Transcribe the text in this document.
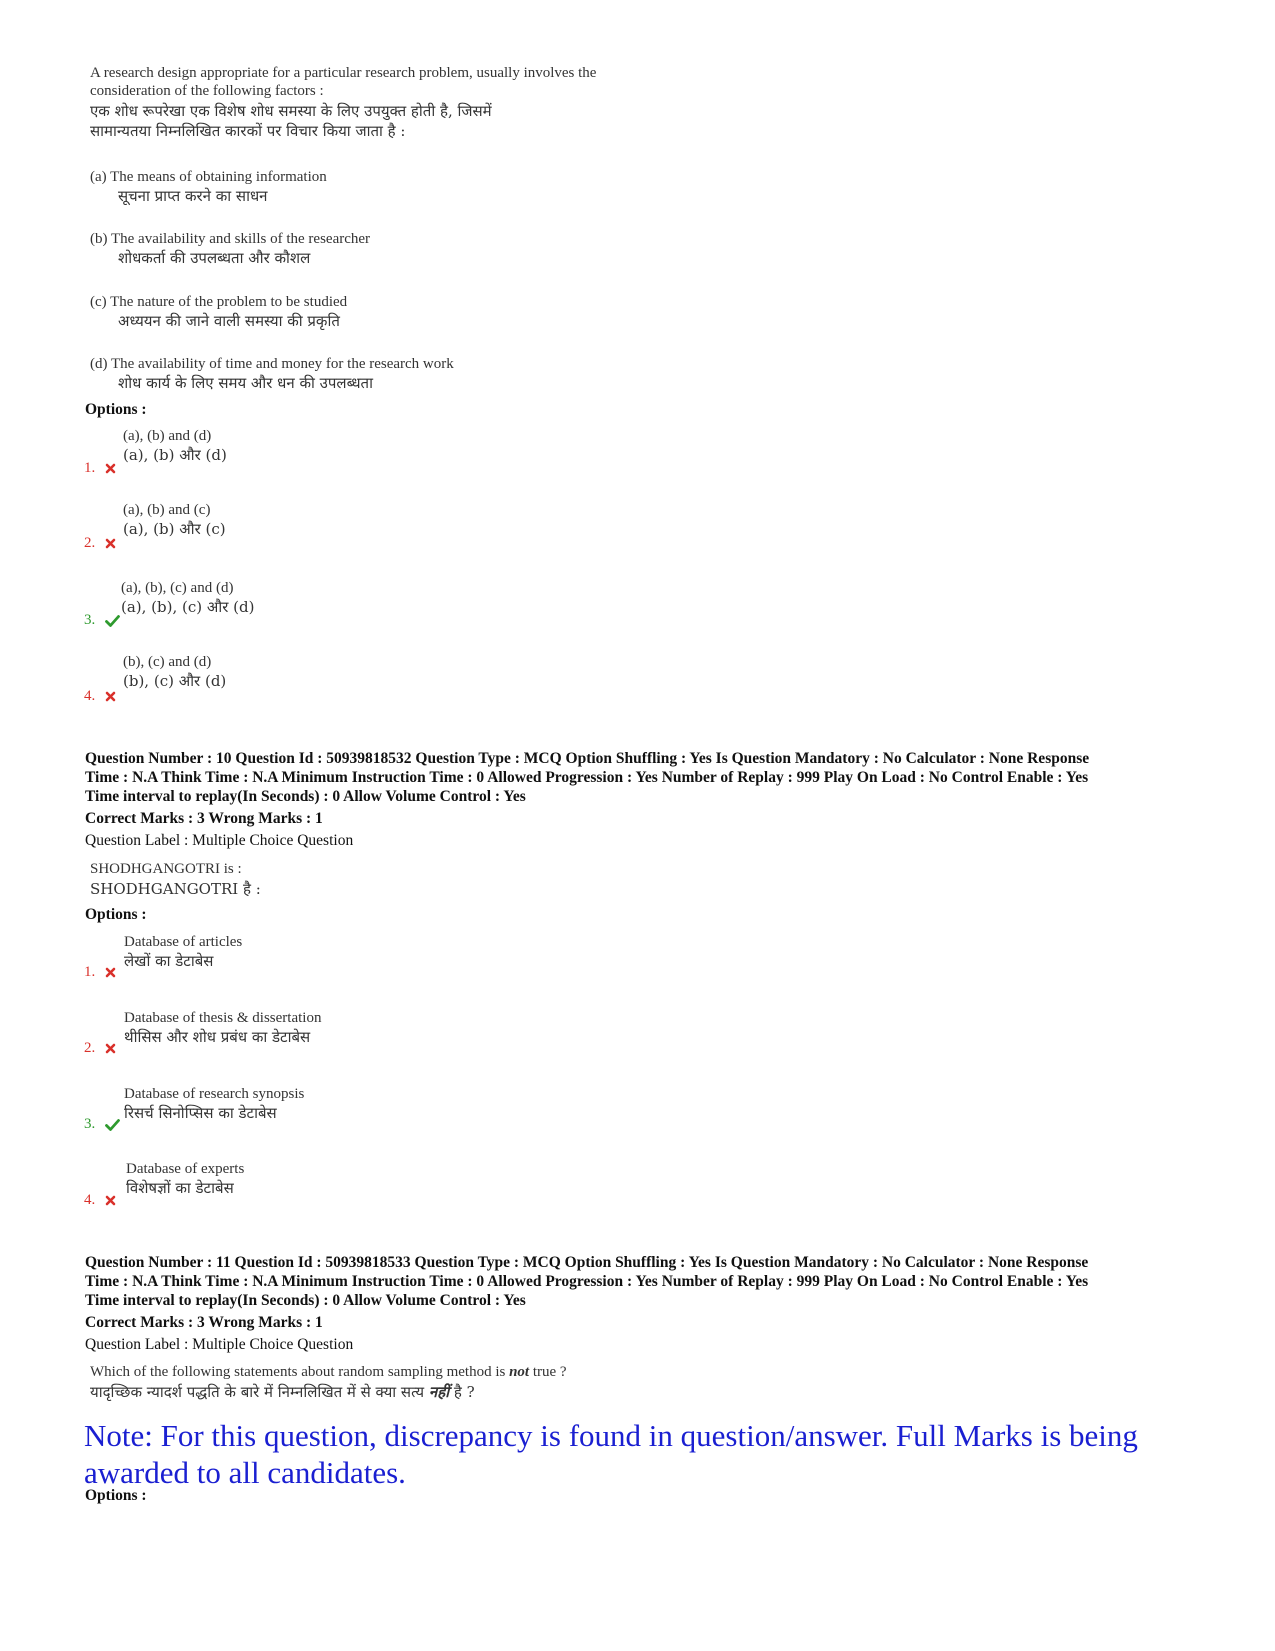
A research design appropriate for a particular research problem, usually involves the
consideration of the following factors :
एक शोध रूपरेखा एक विशेष शोध समस्या के लिए उपयुक्त होती है, जिसमें
सामान्यतया निम्नलिखित कारकों पर विचार किया जाता है :
(a) The means of obtaining information
सूचना प्राप्त करने का साधन
(b) The availability and skills of the researcher
शोधकर्ता की उपलब्धता और कौशल
(c) The nature of the problem to be studied
अध्ययन की जाने वाली समस्या की प्रकृति
(d) The availability of time and money for the research work
शोध कार्य के लिए समय और धन की उपलब्धता
Options :
(a), (b) and (d)
(a), (b) और (d)
1.
(a), (b) and (c)
(a), (b) और (c)
2.
(a), (b), (c) and (d)
(a), (b), (c) और (d)
3.
(b), (c) and (d)
(b), (c) और (d)
4.
Question Number : 10 Question Id : 50939818532 Question Type : MCQ Option Shuffling : Yes Is Question Mandatory : No Calculator : None Response
Time : N.A Think Time : N.A Minimum Instruction Time : 0 Allowed Progression : Yes Number of Replay : 999 Play On Load : No Control Enable : Yes
Time interval to replay(In Seconds) : 0 Allow Volume Control : Yes
Correct Marks : 3 Wrong Marks : 1
Question Label : Multiple Choice Question
SHODHGANGOTRI is :
SHODHGANGOTRI है :
Options :
Database of articles
लेखों का डेटाबेस
1.
Database of thesis & dissertation
थीसिस और शोध प्रबंध का डेटाबेस
2.
Database of research synopsis
रिसर्च सिनोप्सिस का डेटाबेस
3.
Database of experts
विशेषज्ञों का डेटाबेस
4.
Question Number : 11 Question Id : 50939818533 Question Type : MCQ Option Shuffling : Yes Is Question Mandatory : No Calculator : None Response
Time : N.A Think Time : N.A Minimum Instruction Time : 0 Allowed Progression : Yes Number of Replay : 999 Play On Load : No Control Enable : Yes
Time interval to replay(In Seconds) : 0 Allow Volume Control : Yes
Correct Marks : 3 Wrong Marks : 1
Question Label : Multiple Choice Question
Which of the following statements about random sampling method is not true ?
यादृच्छिक न्यादर्श पद्धति के बारे में निम्नलिखित में से क्या सत्य नहीं है ?
Note: For this question, discrepancy is found in question/answer. Full Marks is being awarded to all candidates.
Options :
